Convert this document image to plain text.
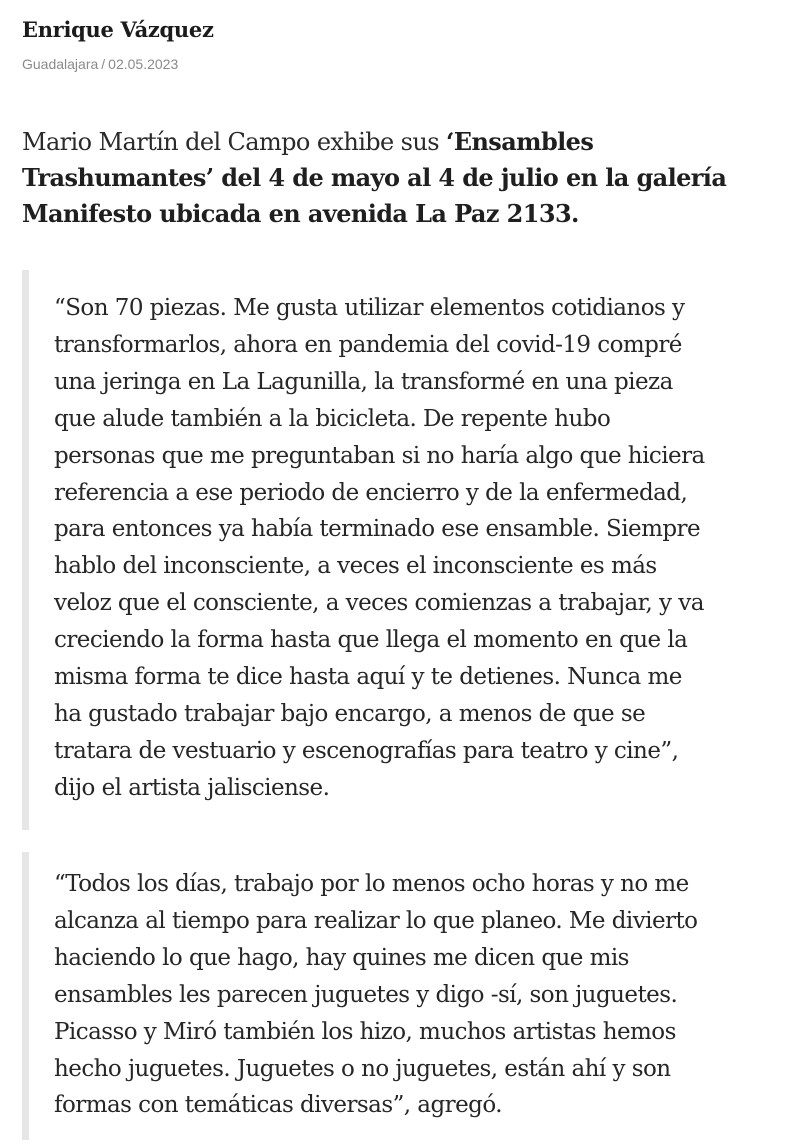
Enrique Vázquez
Guadalajara / 02.05.2023
Mario Martín del Campo exhibe sus ‘Ensambles
Trashumantes’ del 4 de mayo al 4 de julio en la galería
Manifesto ubicada en avenida La Paz 2133.
“Son 70 piezas. Me gusta utilizar elementos cotidianos y
transformarlos, ahora en pandemia del covid-19 compré
una jeringa en La Lagunilla, la transformé en una pieza
que alude también a la bicicleta. De repente hubo
personas que me preguntaban si no haría algo que hiciera
referencia a ese periodo de encierro y de la enfermedad,
para entonces ya había terminado ese ensamble. Siempre
hablo del inconsciente, a veces el inconsciente es más
veloz que el consciente, a veces comienzas a trabajar, y va
creciendo la forma hasta que llega el momento en que la
misma forma te dice hasta aquí y te detienes. Nunca me
ha gustado trabajar bajo encargo, a menos de que se
tratara de vestuario y escenografías para teatro y cine”,
dijo el artista jalisciense.
“Todos los días, trabajo por lo menos ocho horas y no me
alcanza al tiempo para realizar lo que planeo. Me divierto
haciendo lo que hago, hay quines me dicen que mis
ensambles les parecen juguetes y digo -sí, son juguetes.
Picasso y Miró también los hizo, muchos artistas hemos
hecho juguetes. Juguetes o no juguetes, están ahí y son
formas con temáticas diversas”, agregó.
